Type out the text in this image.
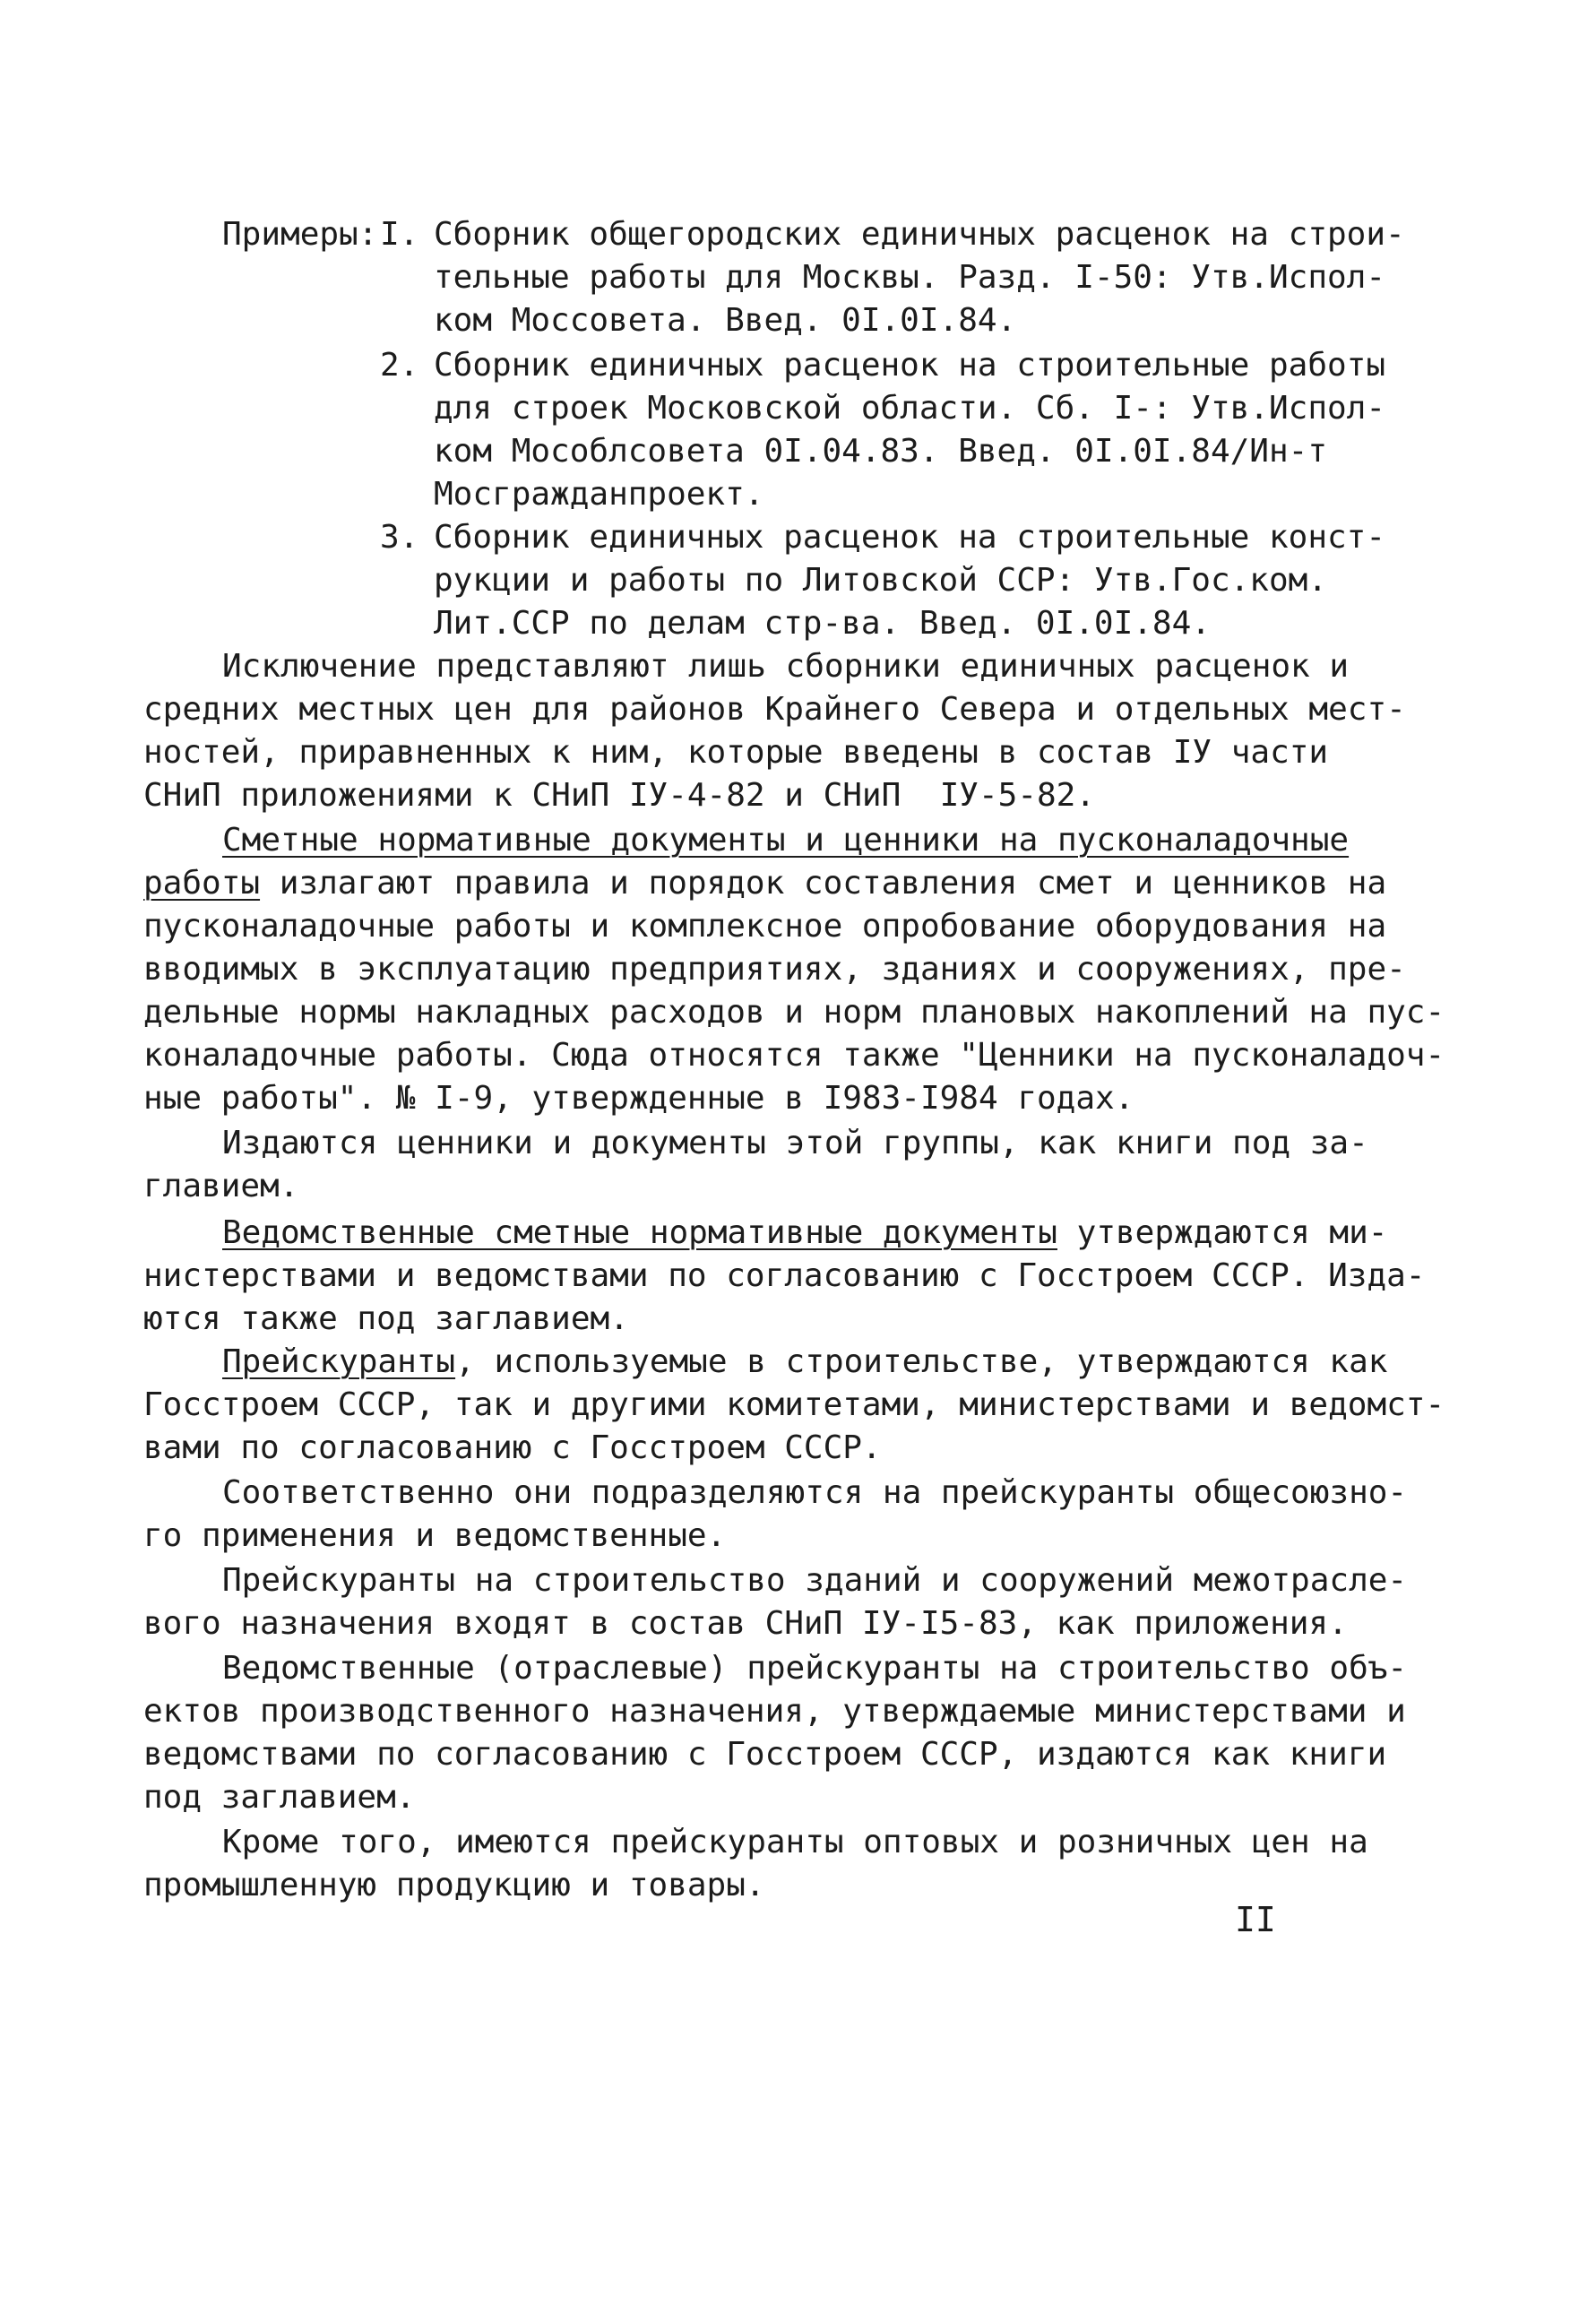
Примеры: I. Сборник общегородских единичных расценок на строи-
тельные работы для Москвы. Разд. I-50: Утв.Испол-
ком Моссовета. Введ. 0I.0I.84.
2. Сборник единичных расценок на строительные работы
для строек Московской области. Сб. I-: Утв.Испол-
ком Мособлсовета 0I.04.83. Введ. 0I.0I.84/Ин-т
Мосгражданпроект.
3. Сборник единичных расценок на строительные конст-
рукции и работы по Литовской ССР: Утв.Гос.ком.
Лит.ССР по делам стр-ва. Введ. 0I.0I.84.
Исключение представляют лишь сборники единичных расценок и
средних местных цен для районов Крайнего Севера и отдельных мест-
ностей, приравненных к ним, которые введены в состав IУ части
СНиП приложениями к СНиП IУ-4-82 и СНиП  IУ-5-82.
Сметные нормативные документы и ценники на пусконаладочные
работы излагают правила и порядок составления смет и ценников на
пусконаладочные работы и комплексное опробование оборудования на
вводимых в эксплуатацию предприятиях, зданиях и сооружениях, пре-
дельные нормы накладных расходов и норм плановых накоплений на пус-
коналадочные работы. Сюда относятся также "Ценники на пусконаладоч-
ные работы". № I-9, утвержденные в I983-I984 годах.
Издаются ценники и документы этой группы, как книги под за-
главием.
Ведомственные сметные нормативные документы утверждаются ми-
нистерствами и ведомствами по согласованию с Госстроем СССР. Изда-
ются также под заглавием.
Прейскуранты, используемые в строительстве, утверждаются как
Госстроем СССР, так и другими комитетами, министерствами и ведомст-
вами по согласованию с Госстроем СССР.
Соответственно они подразделяются на прейскуранты общесоюзно-
го применения и ведомственные.
Прейскуранты на строительство зданий и сооружений межотрасле-
вого назначения входят в состав СНиП IУ-I5-83, как приложения.
Ведомственные (отраслевые) прейскуранты на строительство объ-
ектов производственного назначения, утверждаемые министерствами и
ведомствами по согласованию с Госстроем СССР, издаются как книги
под заглавием.
Кроме того, имеются прейскуранты оптовых и розничных цен на
промышленную продукцию и товары.
II
